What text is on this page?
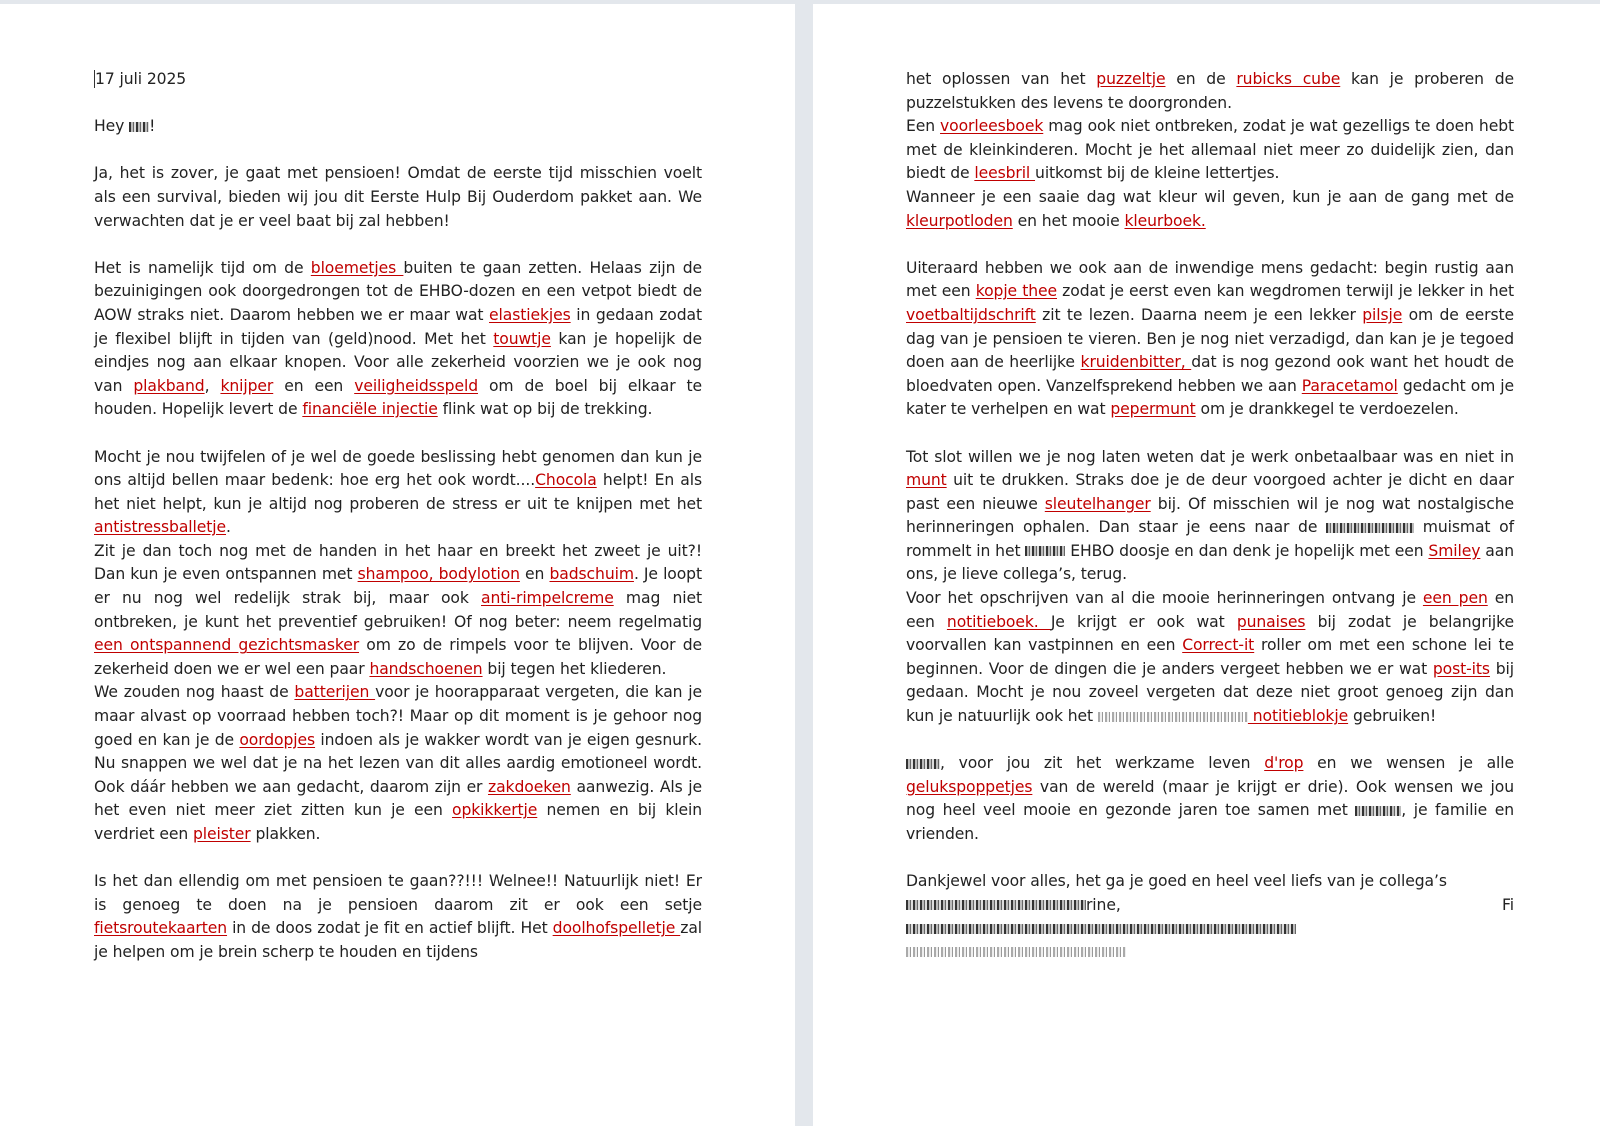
17 juli 2025
Hey !
Ja, het is zover, je gaat met pensioen! Omdat de eerste tijd misschien voelt als een survival, bieden wij jou dit Eerste Hulp Bij Ouderdom pakket aan. We verwachten dat je er veel baat bij zal hebben!
Het is namelijk tijd om de bloemetjes buiten te gaan zetten. Helaas zijn de bezuinigingen ook doorgedrongen tot de EHBO-dozen en een vetpot biedt de AOW straks niet. Daarom hebben we er maar wat elastiekjes in gedaan zodat je flexibel blijft in tijden van (geld)nood. Met het touwtje kan je hopelijk de eindjes nog aan elkaar knopen. Voor alle zekerheid voorzien we je ook nog van plakband, knijper en een veiligheidsspeld om de boel bij elkaar te houden. Hopelijk levert de financiële injectie flink wat op bij de trekking.
Mocht je nou twijfelen of je wel de goede beslissing hebt genomen dan kun je ons altijd bellen maar bedenk: hoe erg het ook wordt....Chocola helpt! En als het niet helpt, kun je altijd nog proberen de stress er uit te knijpen met het antistressballetje.
Zit je dan toch nog met de handen in het haar en breekt het zweet je uit?! Dan kun je even ontspannen met shampoo, bodylotion en badschuim. Je loopt er nu nog wel redelijk strak bij, maar ook anti-rimpelcreme mag niet ontbreken, je kunt het preventief gebruiken! Of nog beter: neem regelmatig een ontspannend gezichtsmasker om zo de rimpels voor te blijven. Voor de zekerheid doen we er wel een paar handschoenen bij tegen het kliederen.
We zouden nog haast de batterijen voor je hoorapparaat vergeten, die kan je maar alvast op voorraad hebben toch?! Maar op dit moment is je gehoor nog goed en kan je de oordopjes indoen als je wakker wordt van je eigen gesnurk. Nu snappen we wel dat je na het lezen van dit alles aardig emotioneel wordt. Ook dáár hebben we aan gedacht, daarom zijn er zakdoeken aanwezig. Als je het even niet meer ziet zitten kun je een opkikkertje nemen en bij klein verdriet een pleister plakken.
Is het dan ellendig om met pensioen te gaan??!!! Welnee!! Natuurlijk niet! Er is genoeg te doen na je pensioen daarom zit er ook een setje fietsroutekaarten in de doos zodat je fit en actief blijft. Het doolhofspelletje zal je helpen om je brein scherp te houden en tijdens
het oplossen van het puzzeltje en de rubicks cube kan je proberen de puzzelstukken des levens te doorgronden.
Een voorleesboek mag ook niet ontbreken, zodat je wat gezelligs te doen hebt met de kleinkinderen. Mocht je het allemaal niet meer zo duidelijk zien, dan biedt de leesbril uitkomst bij de kleine lettertjes.
Wanneer je een saaie dag wat kleur wil geven, kun je aan de gang met de kleurpotloden en het mooie kleurboek.
Uiteraard hebben we ook aan de inwendige mens gedacht: begin rustig aan met een kopje thee zodat je eerst even kan wegdromen terwijl je lekker in het voetbaltijdschrift zit te lezen. Daarna neem je een lekker pilsje om de eerste dag van je pensioen te vieren. Ben je nog niet verzadigd, dan kan je je tegoed doen aan de heerlijke kruidenbitter, dat is nog gezond ook want het houdt de bloedvaten open. Vanzelfsprekend hebben we aan Paracetamol gedacht om je kater te verhelpen en wat pepermunt om je drankkegel te verdoezelen.
Tot slot willen we je nog laten weten dat je werk onbetaalbaar was en niet in munt uit te drukken. Straks doe je de deur voorgoed achter je dicht en daar past een nieuwe sleutelhanger bij. Of misschien wil je nog wat nostalgische herinneringen ophalen. Dan staar je eens naar de	muismat of rommelt in het	EHBO doosje en dan denk je hopelijk met een Smiley aan ons, je lieve collega’s, terug.
Voor het opschrijven van al die mooie herinneringen ontvang je een pen en een notitieboek. Je krijgt er ook wat punaises bij zodat je belangrijke voorvallen kan vastpinnen en een Correct-it roller om met een schone lei te beginnen. Voor de dingen die je anders vergeet hebben we er wat post-its bij gedaan. Mocht je nou zoveel vergeten dat deze niet groot genoeg zijn dan kun je natuurlijk ook het	notitieblokje gebruiken!
, voor jou zit het werkzame leven d'rop en we wensen je alle gelukspoppetjes van de wereld (maar je krijgt er drie). Ook wensen we jou nog heel veel mooie en gezonde jaren toe samen met	, je familie en vrienden.
Dankjewel voor alles, het ga je goed en heel veel liefs van je collega’s
rine, Fi
